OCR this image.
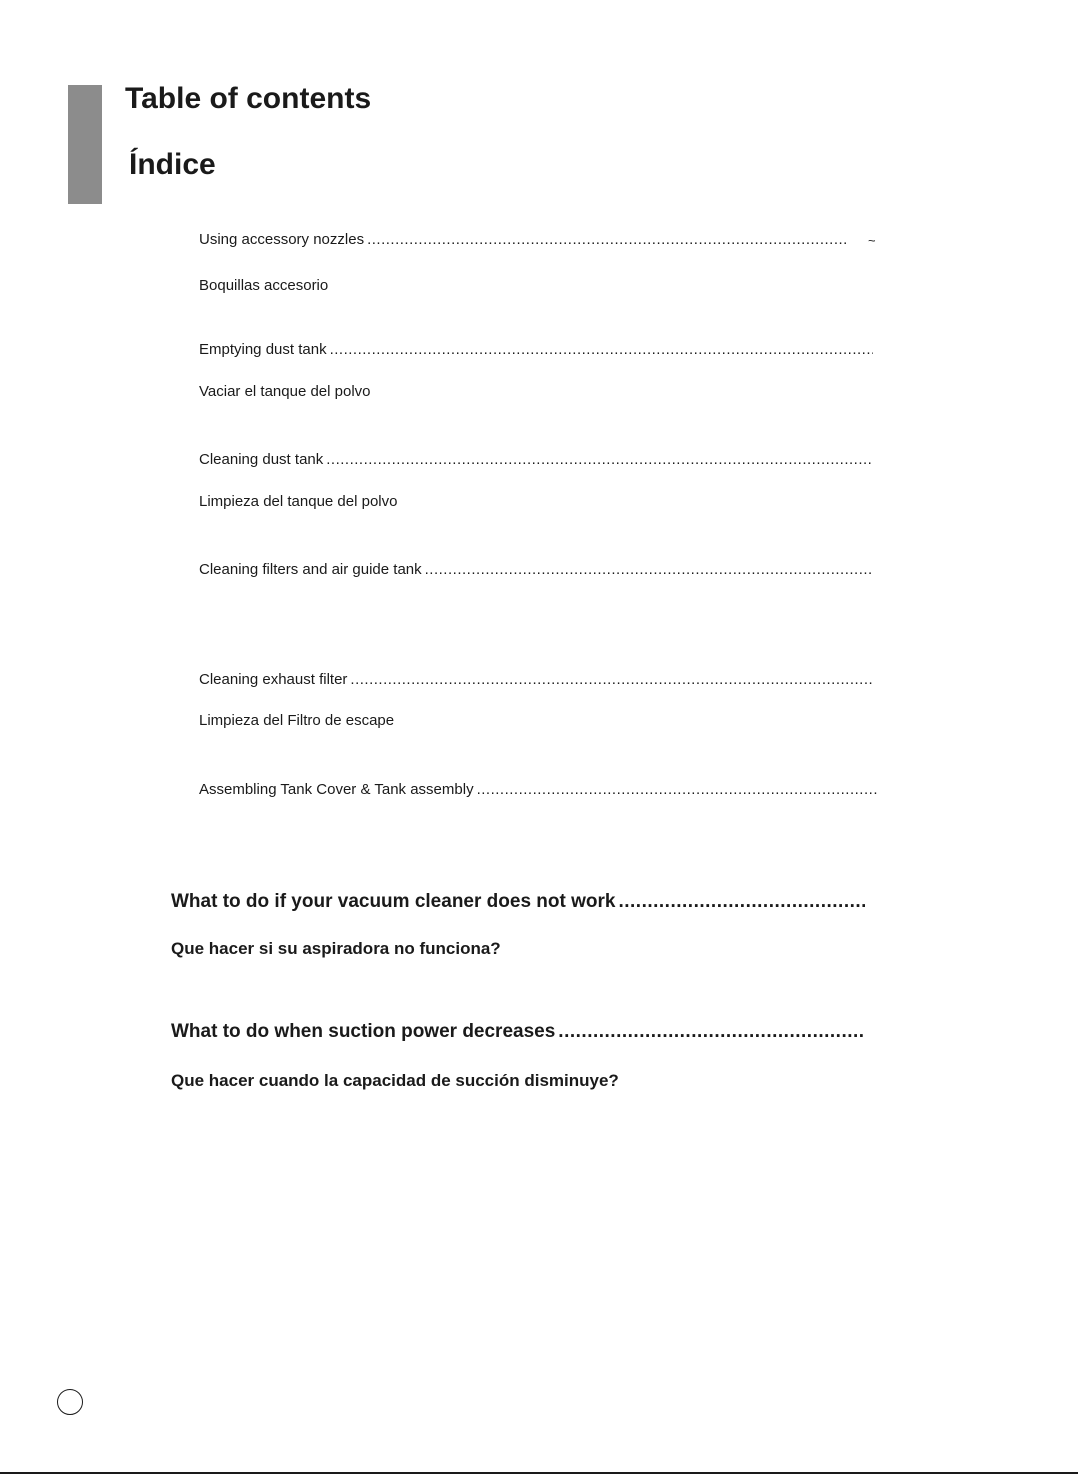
Table of contents
Índice
Using accessory nozzles
.....	~
Boquillas accesorio
Emptying dust tank
.....
Vaciar el tanque del polvo
Cleaning dust tank
.....
Limpieza del tanque del polvo
Cleaning filters and air guide tank
.....
Cleaning exhaust filter
.....
Limpieza del Filtro de escape
Assembling Tank Cover & Tank assembly
.....
What to do if your vacuum cleaner does not work
.....
Que hacer si su aspiradora no funciona?
What to do when suction power decreases
.....
Que hacer cuando la capacidad de succión disminuye?
